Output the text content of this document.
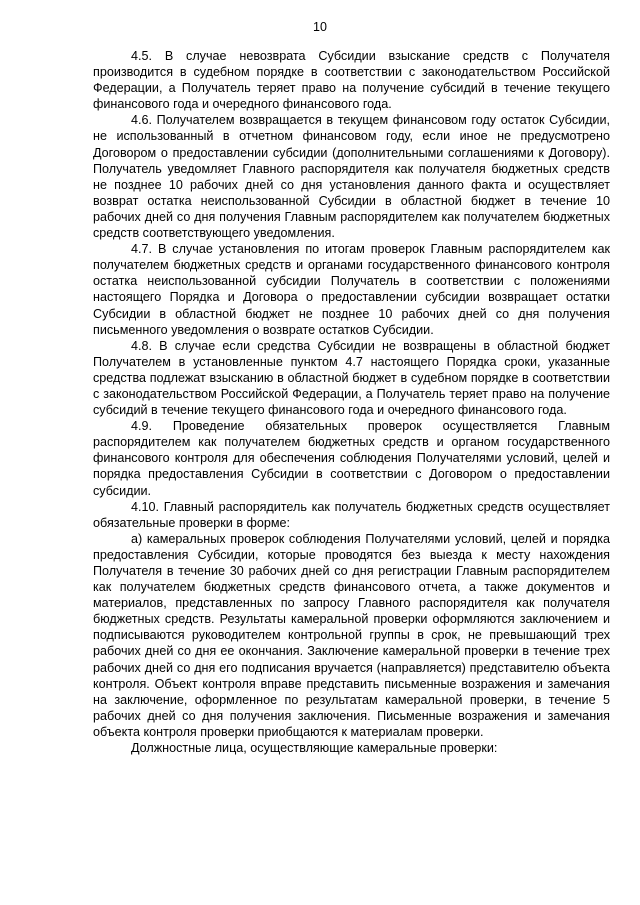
10

4.5. В случае невозврата Субсидии взыскание средств с Получателя производится в судебном порядке в соответствии с законодательством Российской Федерации, а Получатель теряет право на получение субсидий в течение текущего финансового года и очередного финансового года.

4.6. Получателем возвращается в текущем финансовом году остаток Субсидии, не использованный в отчетном финансовом году, если иное не предусмотрено Договором о предоставлении субсидии (дополнительными соглашениями к Договору). Получатель уведомляет Главного распорядителя как получателя бюджетных средств не позднее 10 рабочих дней со дня установления данного факта и осуществляет возврат остатка неиспользованной Субсидии в областной бюджет в течение 10 рабочих дней со дня получения Главным распорядителем как получателем бюджетных средств соответствующего уведомления.

4.7. В случае установления по итогам проверок Главным распорядителем как получателем бюджетных средств и органами государственного финансового контроля остатка неиспользованной субсидии Получатель в соответствии с положениями настоящего Порядка и Договора о предоставлении субсидии возвращает остатки Субсидии в областной бюджет не позднее 10 рабочих дней со дня получения письменного уведомления о возврате остатков Субсидии.

4.8. В случае если средства Субсидии не возвращены в областной бюджет Получателем в установленные пунктом 4.7 настоящего Порядка сроки, указанные средства подлежат взысканию в областной бюджет в судебном порядке в соответствии с законодательством Российской Федерации, а Получатель теряет право на получение субсидий в течение текущего финансового года и очередного финансового года.

4.9. Проведение обязательных проверок осуществляется Главным распорядителем как получателем бюджетных средств и органом государственного финансового контроля для обеспечения соблюдения Получателями условий, целей и порядка предоставления Субсидии в соответствии с Договором о предоставлении субсидии.

4.10. Главный распорядитель как получатель бюджетных средств осуществляет обязательные проверки в форме:

а) камеральных проверок соблюдения Получателями условий, целей и порядка предоставления Субсидии, которые проводятся без выезда к месту нахождения Получателя в течение 30 рабочих дней со дня регистрации Главным распорядителем как получателем бюджетных средств финансового отчета, а также документов и материалов, представленных по запросу Главного распорядителя как получателя бюджетных средств. Результаты камеральной проверки оформляются заключением и подписываются руководителем контрольной группы в срок, не превышающий трех рабочих дней со дня ее окончания. Заключение камеральной проверки в течение трех рабочих дней со дня его подписания вручается (направляется) представителю объекта контроля. Объект контроля вправе представить письменные возражения и замечания на заключение, оформленное по результатам камеральной проверки, в течение 5 рабочих дней со дня получения заключения. Письменные возражения и замечания объекта контроля проверки приобщаются к материалам проверки.

Должностные лица, осуществляющие камеральные проверки:
